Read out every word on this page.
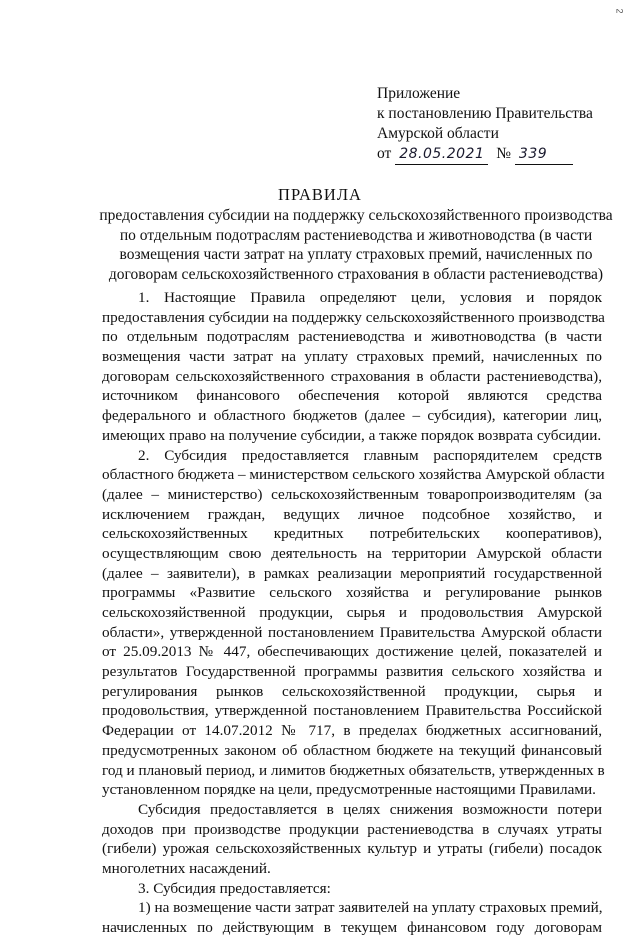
2
Приложение
к постановлению Правительства
Амурской области
от 28.05.2021 № 339
ПРАВИЛА
предоставления субсидии на поддержку сельскохозяйственного производства по отдельным подотраслям растениеводства и животноводства (в части возмещения части затрат на уплату страховых премий, начисленных по договорам сельскохозяйственного страхования в области растениеводства)
1. Настоящие Правила определяют цели, условия и порядок
предоставления субсидии на поддержку сельскохозяйственного производства
по отдельным подотраслям растениеводства и животноводства (в части
возмещения части затрат на уплату страховых премий, начисленных по
договорам сельскохозяйственного страхования в области растениеводства),
источником финансового обеспечения которой являются средства
федерального и областного бюджетов (далее – субсидия), категории лиц,
имеющих право на получение субсидии, а также порядок возврата субсидии.
2. Субсидия предоставляется главным распорядителем средств
областного бюджета – министерством сельского хозяйства Амурской области
(далее – министерство) сельскохозяйственным товаропроизводителям (за
исключением граждан, ведущих личное подсобное хозяйство, и
сельскохозяйственных кредитных потребительских кооперативов),
осуществляющим свою деятельность на территории Амурской области
(далее – заявители), в рамках реализации мероприятий государственной
программы «Развитие сельского хозяйства и регулирование рынков
сельскохозяйственной продукции, сырья и продовольствия Амурской
области», утвержденной постановлением Правительства Амурской области
от 25.09.2013 № 447, обеспечивающих достижение целей, показателей и
результатов Государственной программы развития сельского хозяйства и
регулирования рынков сельскохозяйственной продукции, сырья и
продовольствия, утвержденной постановлением Правительства Российской
Федерации от 14.07.2012 № 717, в пределах бюджетных ассигнований,
предусмотренных законом об областном бюджете на текущий финансовый
год и плановый период, и лимитов бюджетных обязательств, утвержденных в
установленном порядке на цели, предусмотренные настоящими Правилами.
Субсидия предоставляется в целях снижения возможности потери
доходов при производстве продукции растениеводства в случаях утраты
(гибели) урожая сельскохозяйственных культур и утраты (гибели) посадок
многолетних насаждений.
3. Субсидия предоставляется:
1) на возмещение части затрат заявителей на уплату страховых премий,
начисленных по действующим в текущем финансовом году договорам
